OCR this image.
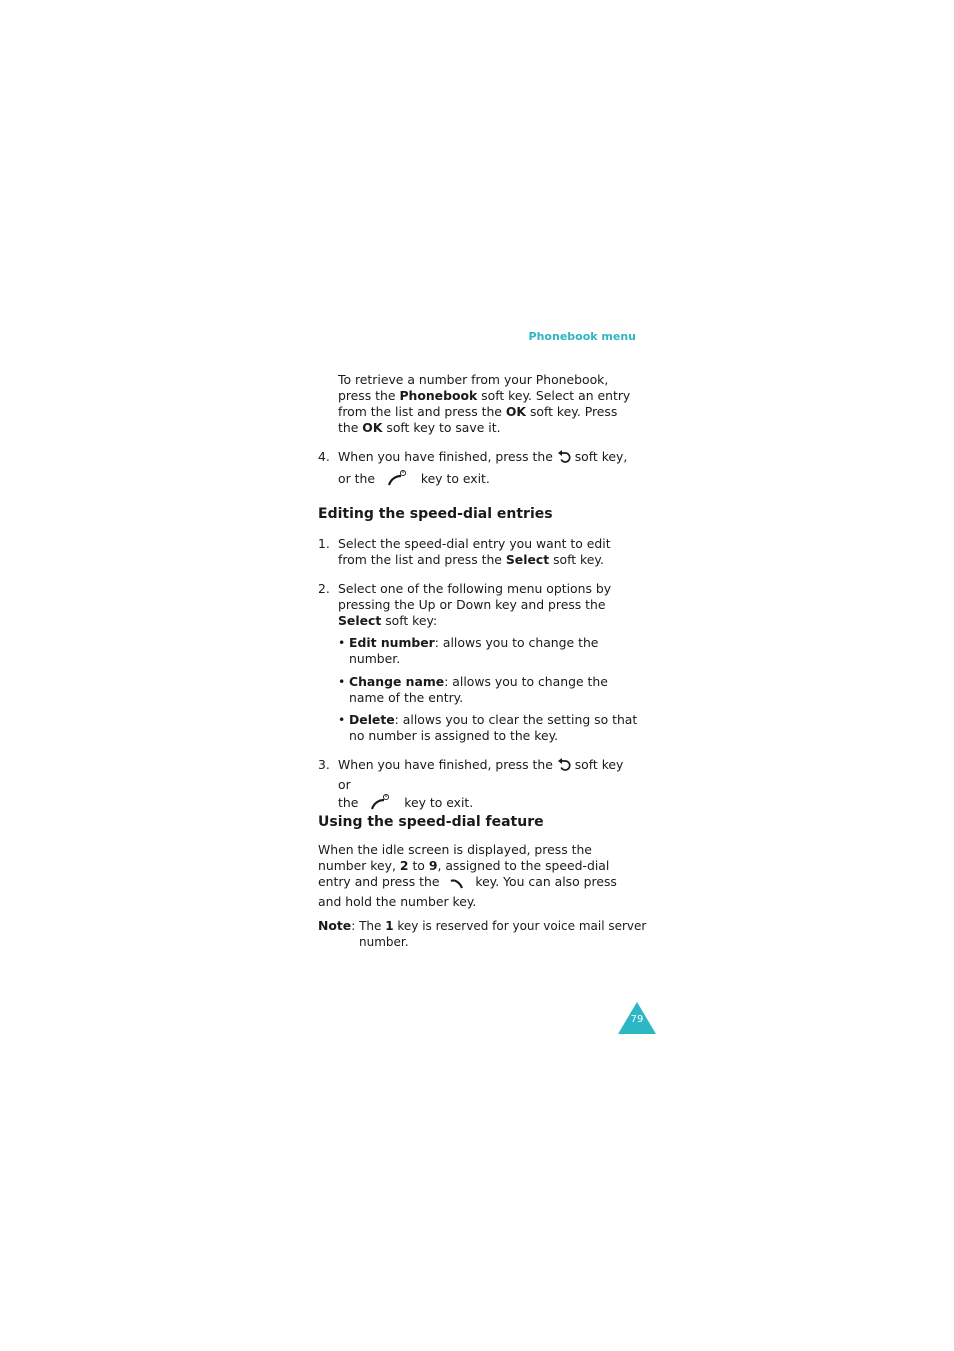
Phonebook menu
To retrieve a number from your Phonebook, press the Phonebook soft key. Select an entry from the list and press the OK soft key. Press the OK soft key to save it.
4. When you have finished, press the  soft key,
or the	key to exit.
Editing the speed-dial entries
1. Select the speed-dial entry you want to edit from the list and press the Select soft key.
2. Select one of the following menu options by pressing the Up or Down key and press the Select soft key:
• Edit number: allows you to change the number.
• Change name: allows you to change the name of the entry.
• Delete: allows you to clear the setting so that no number is assigned to the key.
3. When you have finished, press the  soft key or
the	key to exit.
Using the speed-dial feature
When the idle screen is displayed, press the number key, 2 to 9, assigned to the speed-dial entry and press the  key. You can also press and hold the number key.
Note: The 1 key is reserved for your voice mail server
number.
79
